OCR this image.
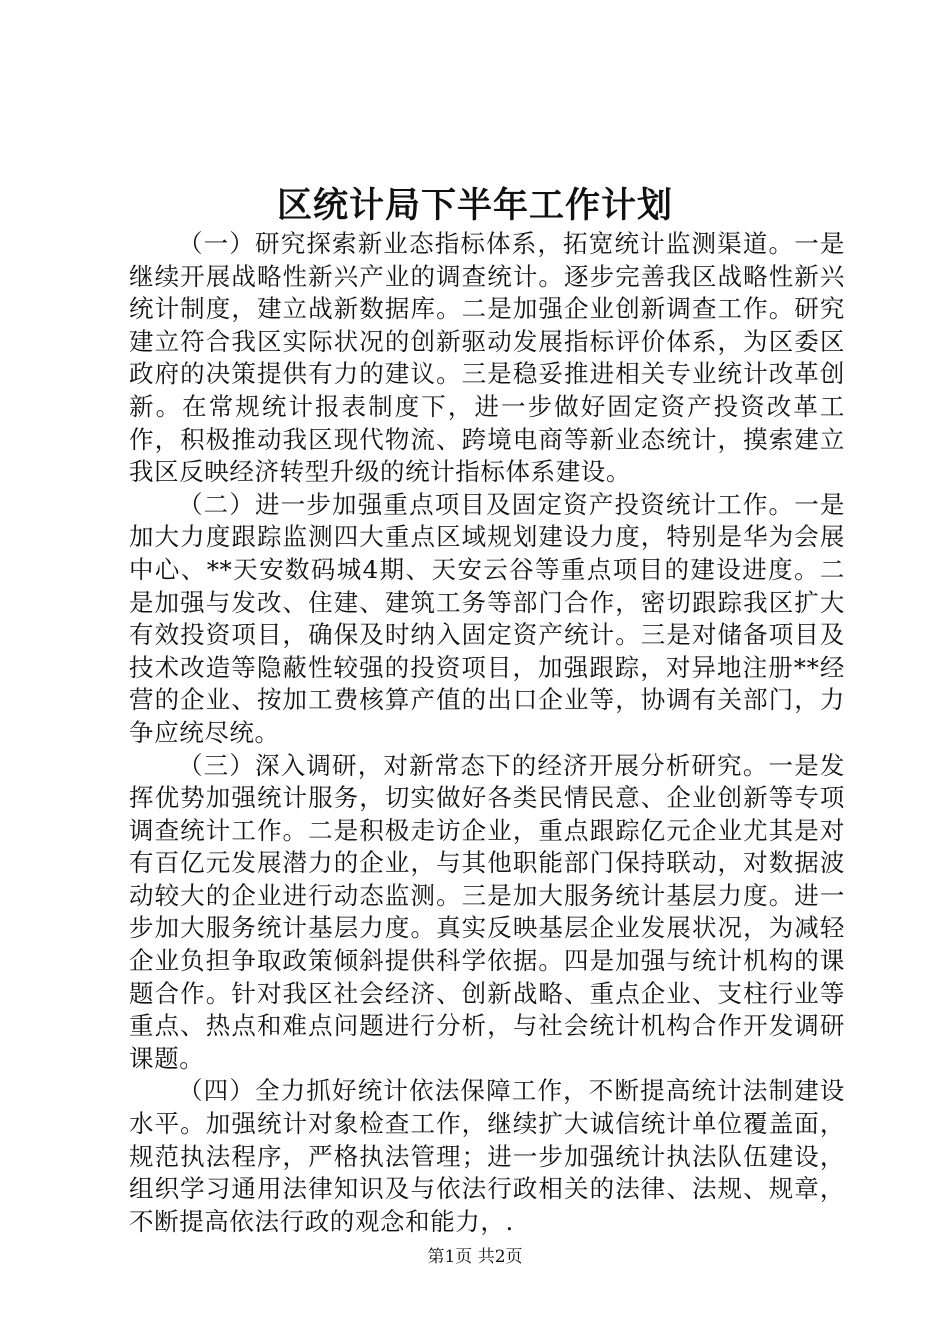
区统计局下半年工作计划

（一）研究探索新业态指标体系，拓宽统计监测渠道。一是继续开展战略性新兴产业的调查统计。逐步完善我区战略性新兴统计制度，建立战新数据库。二是加强企业创新调查工作。研究建立符合我区实际状况的创新驱动发展指标评价体系，为区委区政府的决策提供有力的建议。三是稳妥推进相关专业统计改革创新。在常规统计报表制度下，进一步做好固定资产投资改革工作，积极推动我区现代物流、跨境电商等新业态统计，摸索建立我区反映经济转型升级的统计指标体系建设。

（二）进一步加强重点项目及固定资产投资统计工作。一是加大力度跟踪监测四大重点区域规划建设力度，特别是华为会展中心、**天安数码城4期、天安云谷等重点项目的建设进度。二是加强与发改、住建、建筑工务等部门合作，密切跟踪我区扩大有效投资项目，确保及时纳入固定资产统计。三是对储备项目及技术改造等隐蔽性较强的投资项目，加强跟踪，对异地注册**经营的企业、按加工费核算产值的出口企业等，协调有关部门，力争应统尽统。

（三）深入调研，对新常态下的经济开展分析研究。一是发挥优势加强统计服务，切实做好各类民情民意、企业创新等专项调查统计工作。二是积极走访企业，重点跟踪亿元企业尤其是对有百亿元发展潜力的企业，与其他职能部门保持联动，对数据波动较大的企业进行动态监测。三是加大服务统计基层力度。进一步加大服务统计基层力度。真实反映基层企业发展状况，为减轻企业负担争取政策倾斜提供科学依据。四是加强与统计机构的课题合作。针对我区社会经济、创新战略、重点企业、支柱行业等重点、热点和难点问题进行分析，与社会统计机构合作开发调研课题。

（四）全力抓好统计依法保障工作，不断提高统计法制建设水平。加强统计对象检查工作，继续扩大诚信统计单位覆盖面，规范执法程序，严格执法管理；进一步加强统计执法队伍建设，组织学习通用法律知识及与依法行政相关的法律、法规、规章，不断提高依法行政的观念和能力，.

第1页 共2页
